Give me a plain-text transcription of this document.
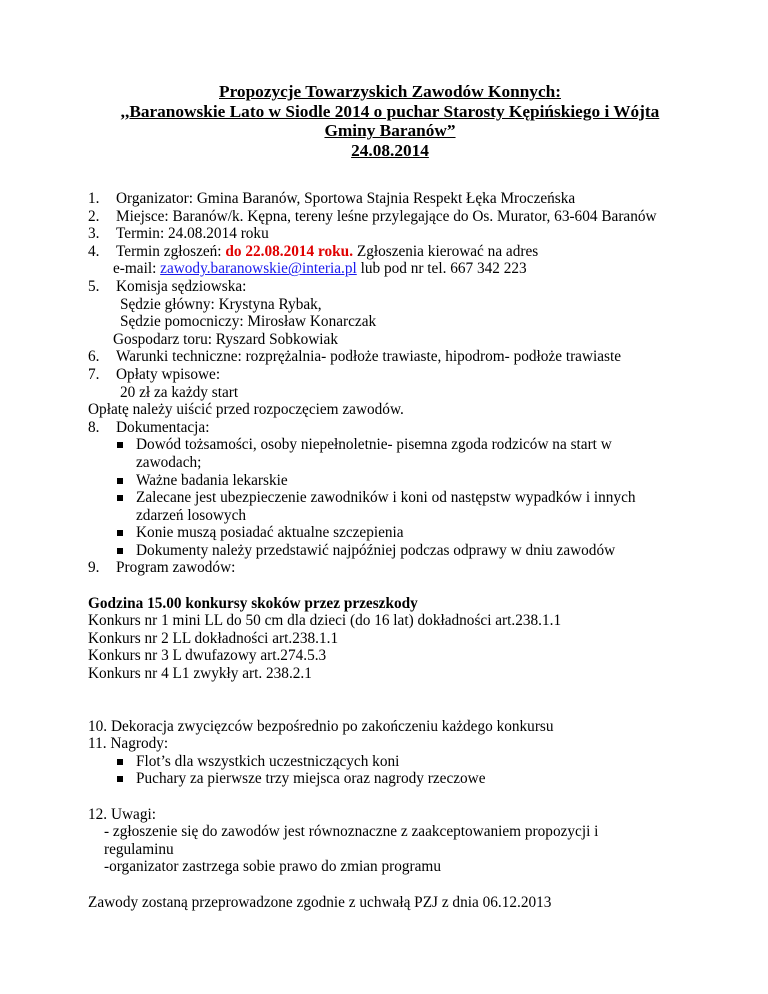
Propozycje Towarzyskich Zawodów Konnych:
,,Baranowskie Lato w Siodle 2014 o puchar Starosty Kępińskiego i Wójta
Gminy Baranów”
24.08.2014
1. Organizator: Gmina Baranów, Sportowa Stajnia Respekt Łęka Mroczeńska
2. Miejsce: Baranów/k. Kępna, tereny leśne przylegające do Os. Murator, 63-604 Baranów
3. Termin: 24.08.2014 roku
4. Termin zgłoszeń: do 22.08.2014 roku. Zgłoszenia kierować na adres
e-mail: zawody.baranowskie@interia.pl lub pod nr tel. 667 342 223
5. Komisja sędziowska:
Sędzie główny: Krystyna Rybak,
Sędzie pomocniczy: Mirosław Konarczak
Gospodarz toru: Ryszard Sobkowiak
6. Warunki techniczne: rozprężalnia- podłoże trawiaste, hipodrom- podłoże trawiaste
7. Opłaty wpisowe:
20 zł za każdy start
Opłatę należy uiścić przed rozpoczęciem zawodów.
8. Dokumentacja:
Dowód tożsamości, osoby niepełnoletnie- pisemna zgoda rodziców na start w
zawodach;
Ważne badania lekarskie
Zalecane jest ubezpieczenie zawodników i koni od następstw wypadków i innych
zdarzeń losowych
Konie muszą posiadać aktualne szczepienia
Dokumenty należy przedstawić najpóźniej podczas odprawy w dniu zawodów
9. Program zawodów:
Godzina 15.00 konkursy skoków przez przeszkody
Konkurs nr 1 mini LL do 50 cm dla dzieci (do 16 lat) dokładności art.238.1.1
Konkurs nr 2 LL dokładności art.238.1.1
Konkurs nr 3 L dwufazowy art.274.5.3
Konkurs nr 4 L1 zwykły art. 238.2.1
10. Dekoracja zwycięzców bezpośrednio po zakończeniu każdego konkursu
11. Nagrody:
Flot’s dla wszystkich uczestniczących koni
Puchary za pierwsze trzy miejsca oraz nagrody rzeczowe
12. Uwagi:
- zgłoszenie się do zawodów jest równoznaczne z zaakceptowaniem propozycji i
regulaminu
-organizator zastrzega sobie prawo do zmian programu
Zawody zostaną przeprowadzone zgodnie z uchwałą PZJ z dnia 06.12.2013
